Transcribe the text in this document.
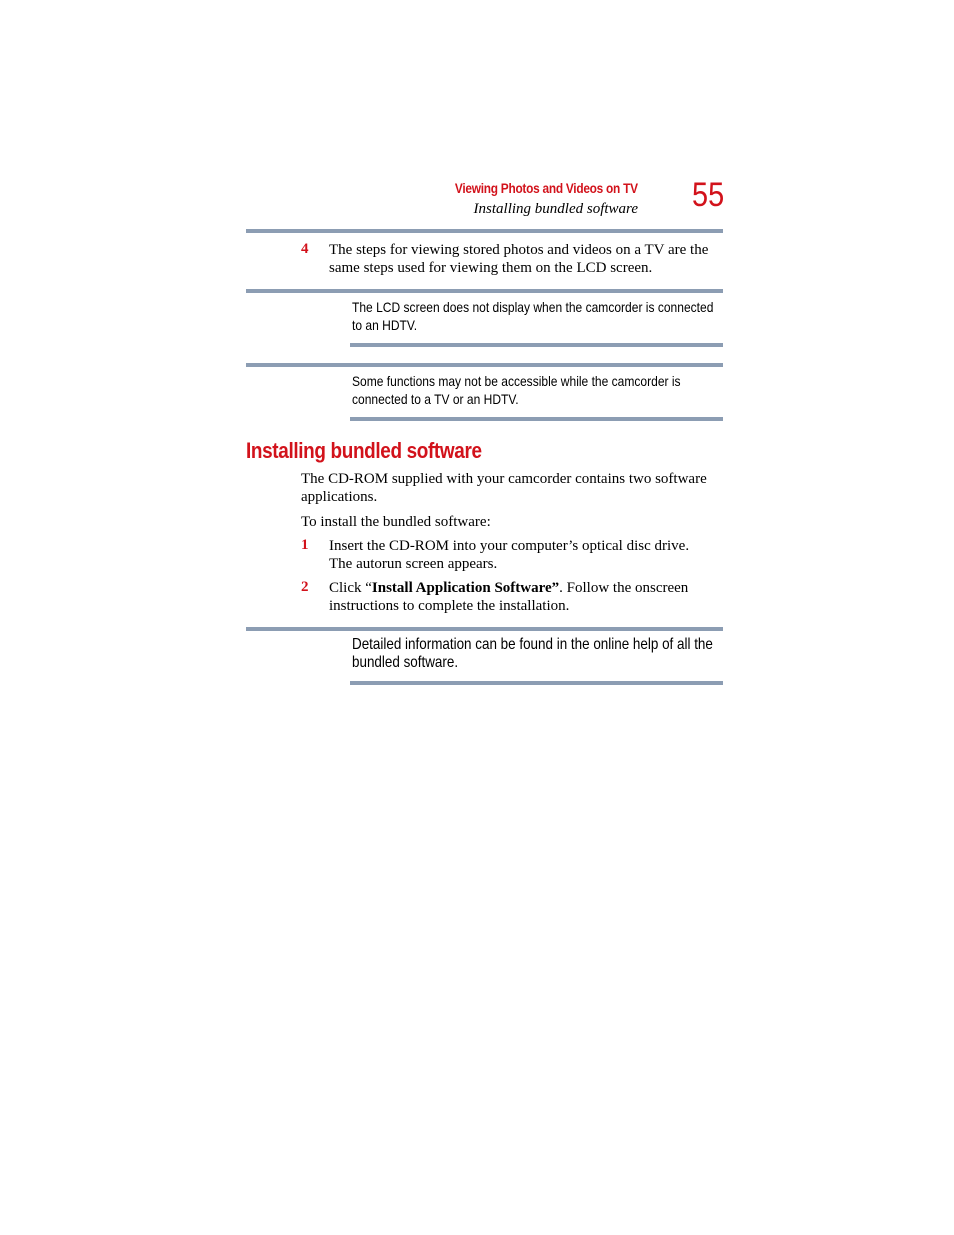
Viewing Photos and Videos on TV
Installing bundled software 55
4 The steps for viewing stored photos and videos on a TV are the
same steps used for viewing them on the LCD screen.
The LCD screen does not display when the camcorder is connected
to an HDTV.
Some functions may not be accessible while the camcorder is
connected to a TV or an HDTV.
Installing bundled software
The CD-ROM supplied with your camcorder contains two software
applications.
To install the bundled software:
1 Insert the CD-ROM into your computer’s optical disc drive.
The autorun screen appears.
2 Click “Install Application Software”. Follow the onscreen
instructions to complete the installation.
Detailed information can be found in the online help of all the
bundled software.
